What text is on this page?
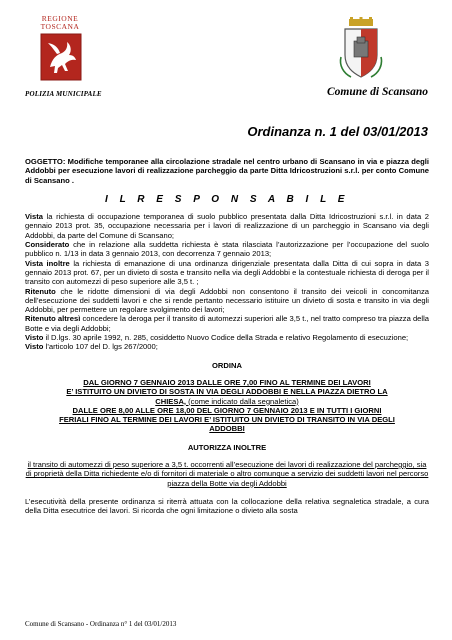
REGIONE TOSCANA
POLIZIA MUNICIPALE	Comune di Scansano
Ordinanza n. 1 del 03/01/2013

OGGETTO: Modifiche temporanee alla circolazione stradale nel centro urbano di Scansano in via e piazza degli Addobbi per esecuzione lavori di realizzazione parcheggio da parte Ditta Idricostruzioni s.r.l. per conto Comune di Scansano .

I L R E S P O N S A B I L E

Vista la richiesta di occupazione temporanea di suolo pubblico presentata dalla Ditta Idricostruzioni s.r.l. in data 2 gennaio 2013 prot. 35, occupazione necessaria per i lavori di realizzazione di un parcheggio in Scansano via degli Addobbi, da parte del Comune di Scansano;

Considerato che in relazione alla suddetta richiesta è stata rilasciata l’autorizzazione per l’occupazione del suolo pubblico n. 1/13 in data 3 gennaio 2013, con decorrenza 7 gennaio 2013;

Vista inoltre la richiesta di emanazione di una ordinanza dirigenziale presentata dalla Ditta di cui sopra in data 3 gennaio 2013 prot. 67, per un divieto di sosta e transito nella via degli Addobbi e la contestuale richiesta di deroga per il transito con automezzi di peso superiore alle 3,5 t. ;

Ritenuto che le ridotte dimensioni di via degli Addobbi non consentono il transito dei veicoli in concomitanza dell’esecuzione dei suddetti lavori e che si rende pertanto necessario istituire un divieto di sosta e transito in via degli Addobbi, per permettere un regolare svolgimento dei lavori;

Ritenuto altresì concedere la deroga per il transito di automezzi superiori alle 3,5 t., nel tratto compreso tra piazza della Botte e via degli Addobbi;

Visto il D.lgs. 30 aprile 1992, n. 285, cosiddetto Nuovo Codice della Strada e relativo Regolamento di esecuzione;

Visto l’articolo 107 del D. lgs 267/2000;

ORDINA

DAL GIORNO 7 GENNAIO 2013 DALLE ORE 7,00 FINO AL TERMINE DEI LAVORI

E’ ISTITUITO UN DIVIETO DI SOSTA IN VIA DEGLI ADDOBBI E NELLA PIAZZA DIETRO LA

CHIESA, (come indicato dalla segnaletica)

DALLE ORE 8,00 ALLE ORE 18,00 DEL GIORNO 7 GENNAIO 2013 E IN TUTTI I GIORNI

FERIALI FINO AL TERMINE DEI LAVORI E’ ISTITUITO UN DIVIETO DI TRANSITO IN VIA DEGLI

ADDOBBI

AUTORIZZA INOLTRE

il transito di automezzi di peso superiore a 3,5 t. occorrenti all’esecuzione dei lavori di realizzazione del parcheggio, sia di proprietà della Ditta richiedente e/o di fornitori di materiale o altro comunque a servizio dei suddetti lavori nel percorso piazza della Botte via degli Addobbi

L’esecutività della presente ordinanza si riterrà attuata con la collocazione della relativa segnaletica stradale, a cura della Ditta esecutrice dei lavori. Si ricorda che ogni limitazione o divieto alla sosta

Comune di Scansano - Ordinanza n° 1 del 03/01/2013
